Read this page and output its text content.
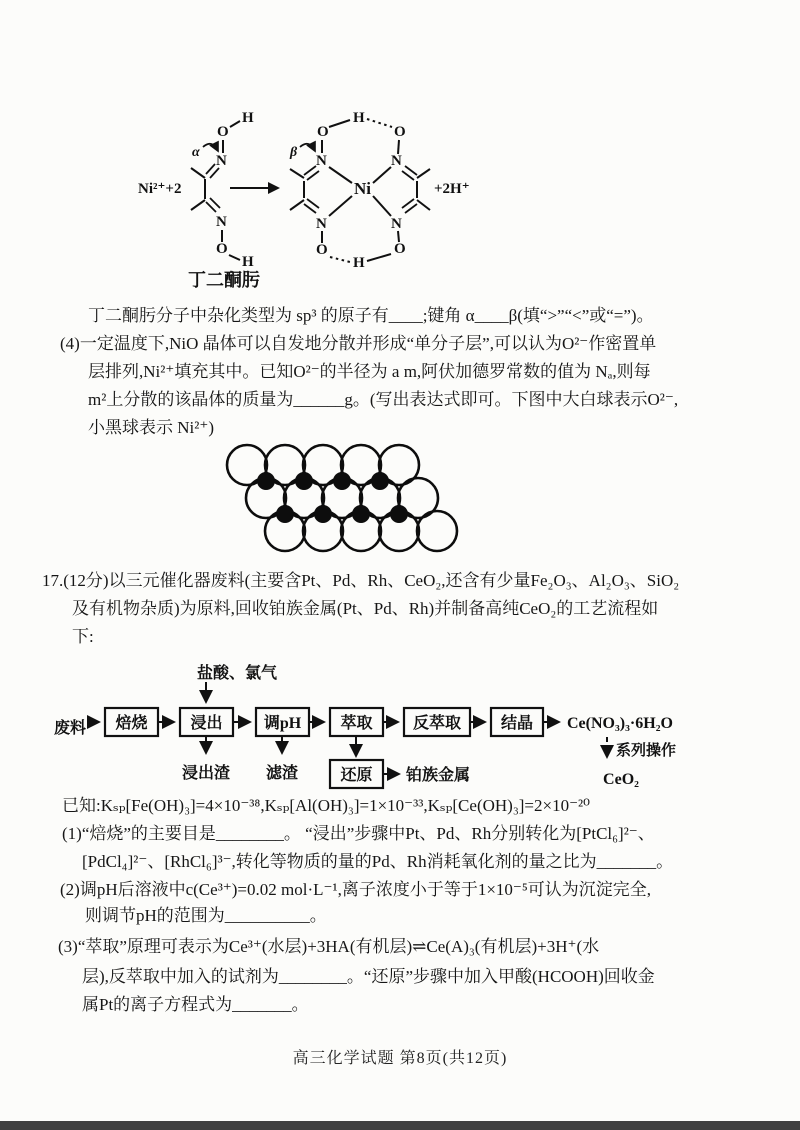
H
O
N
N
O
H
α
Ni²⁺+2
H
O	O
N	N
Ni
N	N
O	O
H
β
+2H⁺
丁二酮肟
丁二酮肟分子中杂化类型为 sp³ 的原子有____;键角 α____β(填“>”“<”或“=”)。
(4)一定温度下,NiO 晶体可以自发地分散并形成“单分子层”,可以认为O²⁻作密置单
层排列,Ni²⁺填充其中。已知O²⁻的半径为 a m,阿伏加德罗常数的值为 Nₐ,则每
m²上分散的该晶体的质量为______g。(写出表达式即可。下图中大白球表示O²⁻,
小黑球表示 Ni²⁺)
17.(12分)以三元催化器废料(主要含Pt、Pd、Rh、CeO₂,还含有少量Fe₂O₃、Al₂O₃、SiO₂
及有机物杂质)为原料,回收铂族金属(Pt、Pd、Rh)并制备高纯CeO₂的工艺流程如
下:
盐酸、氯气
废料 焙烧	浸出	调pH 萃取	反萃取 结晶 Ce(NO₃)₃·6H₂O
系列操作
CeO₂
浸出渣 滤渣	还原 铂族金属
已知:Kₛₚ[Fe(OH)₃]=4×10⁻³⁸,Kₛₚ[Al(OH)₃]=1×10⁻³³,Kₛₚ[Ce(OH)₃]=2×10⁻²⁰
(1)“焙烧”的主要目是________。 “浸出”步骤中Pt、Pd、Rh分别转化为[PtCl₆]²⁻、
[PdCl₄]²⁻、[RhCl₆]³⁻,转化等物质的量的Pd、Rh消耗氧化剂的量之比为_______。
(2)调pH后溶液中c(Ce³⁺)=0.02 mol·L⁻¹,离子浓度小于等于1×10⁻⁵可认为沉淀完全,
则调节pH的范围为__________。
(3)“萃取”原理可表示为Ce³⁺(水层)+3HA(有机层)⇌Ce(A)₃(有机层)+3H⁺(水
层),反萃取中加入的试剂为________。“还原”步骤中加入甲酸(HCOOH)回收金
属Pt的离子方程式为_______。
高三化学试题 第8页(共12页)
